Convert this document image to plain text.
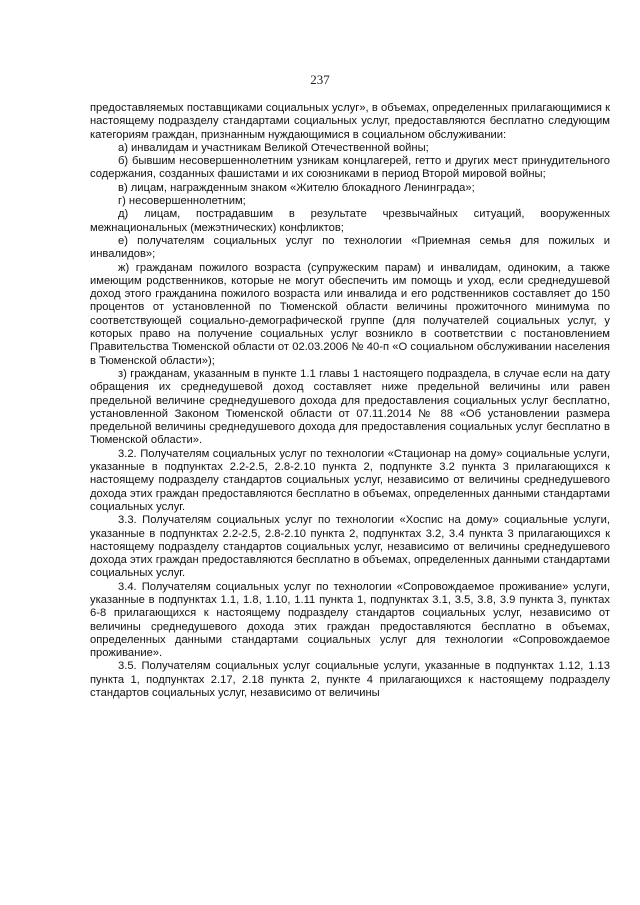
237

предоставляемых поставщиками социальных услуг», в объемах, определенных прилагающимися к настоящему подразделу стандартами социальных услуг, предоставляются бесплатно следующим категориям граждан, признанным нуждающимися в социальном обслуживании:

а) инвалидам и участникам Великой Отечественной войны;

б) бывшим несовершеннолетним узникам концлагерей, гетто и других мест принудительного содержания, созданных фашистами и их союзниками в период Второй мировой войны;

в) лицам, награжденным знаком «Жителю блокадного Ленинграда»;

г) несовершеннолетним;

д) лицам, пострадавшим в результате чрезвычайных ситуаций, вооруженных межнациональных (межэтнических) конфликтов;

е) получателям социальных услуг по технологии «Приемная семья для пожилых и инвалидов»;

ж) гражданам пожилого возраста (супружеским парам) и инвалидам, одиноким, а также имеющим родственников, которые не могут обеспечить им помощь и уход, если среднедушевой доход этого гражданина пожилого возраста или инвалида и его родственников составляет до 150 процентов от установленной по Тюменской области величины прожиточного минимума по соответствующей социально-демографической группе (для получателей социальных услуг, у которых право на получение социальных услуг возникло в соответствии с постановлением Правительства Тюменской области от 02.03.2006 № 40-п «О социальном обслуживании населения в Тюменской области»);

з) гражданам, указанным в пункте 1.1 главы 1 настоящего подраздела, в случае если на дату обращения их среднедушевой доход составляет ниже предельной величины или равен предельной величине среднедушевого дохода для предоставления социальных услуг бесплатно, установленной Законом Тюменской области от 07.11.2014 № 88 «Об установлении размера предельной величины среднедушевого дохода для предоставления социальных услуг бесплатно в Тюменской области».

3.2. Получателям социальных услуг по технологии «Стационар на дому» социальные услуги, указанные в подпунктах 2.2-2.5, 2.8-2.10 пункта 2, подпункте 3.2 пункта 3 прилагающихся к настоящему подразделу стандартов социальных услуг, независимо от величины среднедушевого дохода этих граждан предоставляются бесплатно в объемах, определенных данными стандартами социальных услуг.

3.3. Получателям социальных услуг по технологии «Хоспис на дому» социальные услуги, указанные в подпунктах 2.2-2.5, 2.8-2.10 пункта 2, подпунктах 3.2, 3.4 пункта 3 прилагающихся к настоящему подразделу стандартов социальных услуг, независимо от величины среднедушевого дохода этих граждан предоставляются бесплатно в объемах, определенных данными стандартами социальных услуг.

3.4. Получателям социальных услуг по технологии «Сопровождаемое проживание» услуги, указанные в подпунктах 1.1, 1.8, 1.10, 1.11 пункта 1, подпунктах 3.1, 3.5, 3.8, 3.9 пункта 3, пунктах 6-8 прилагающихся к настоящему подразделу стандартов социальных услуг, независимо от величины среднедушевого дохода этих граждан предоставляются бесплатно в объемах, определенных данными стандартами социальных услуг для технологии «Сопровождаемое проживание».

3.5. Получателям социальных услуг социальные услуги, указанные в подпунктах 1.12, 1.13 пункта 1, подпунктах 2.17, 2.18 пункта 2, пункте 4 прилагающихся к настоящему подразделу стандартов социальных услуг, независимо от величины
